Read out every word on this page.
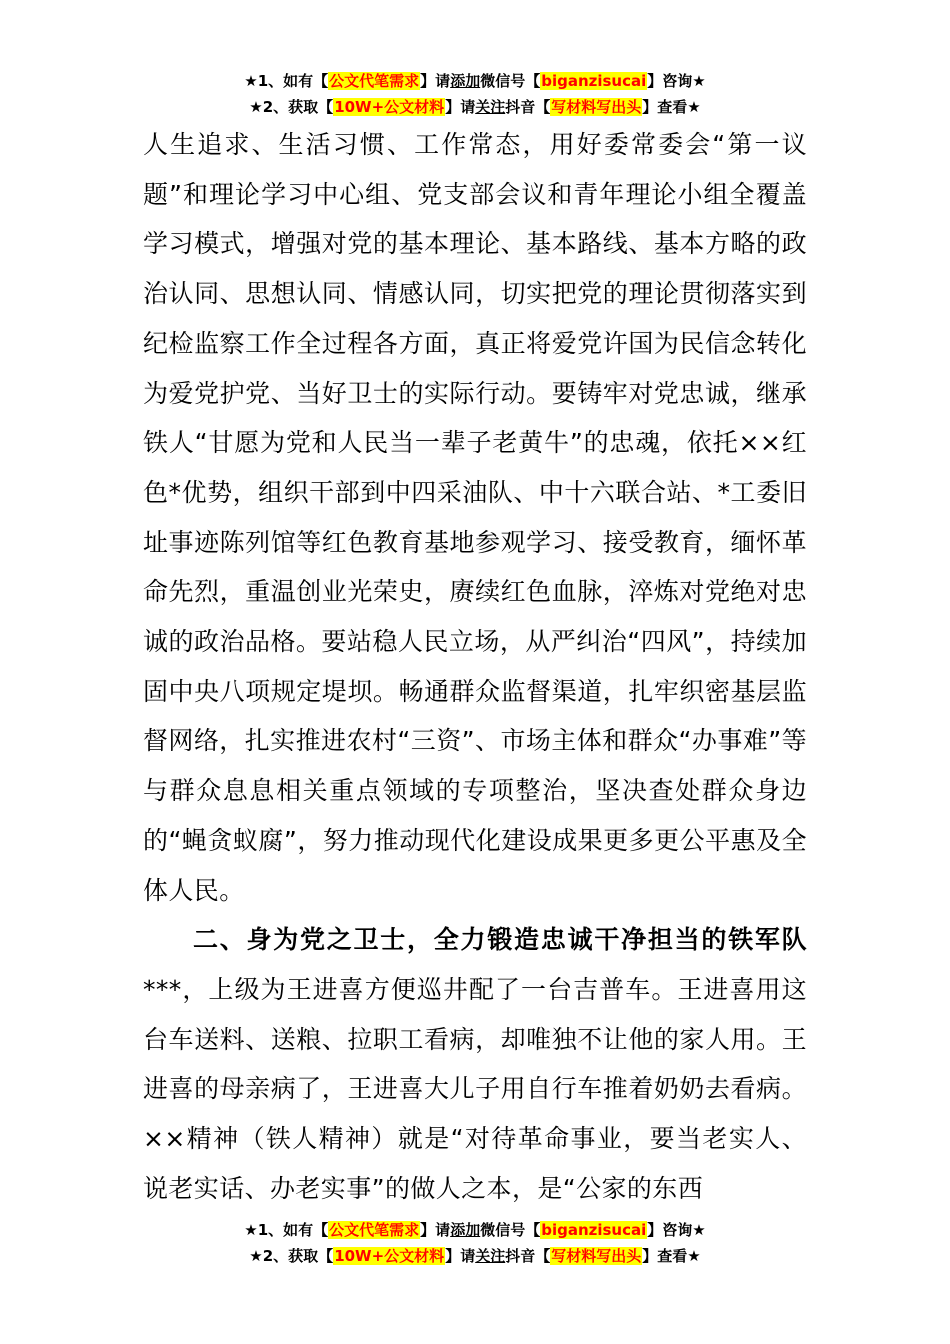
★1、如有【公文代笔需求】请添加微信号【biganzisucai】咨询★
★2、获取【10W+公文材料】请关注抖音【写材料写出头】查看★

人生追求、生活习惯、工作常态，用好委常委会“第一议题”和理论学习中心组、党支部会议和青年理论小组全覆盖学习模式，增强对党的基本理论、基本路线、基本方略的政治认同、思想认同、情感认同，切实把党的理论贯彻落实到纪检监察工作全过程各方面，真正将爱党许国为民信念转化为爱党护党、当好卫士的实际行动。要铸牢对党忠诚，继承铁人“甘愿为党和人民当一辈子老黄牛”的忠魂，依托××红色*优势，组织干部到中四采油队、中十六联合站、*工委旧址事迹陈列馆等红色教育基地参观学习、接受教育，缅怀革命先烈，重温创业光荣史，赓续红色血脉，淬炼对党绝对忠诚的政治品格。要站稳人民立场，从严纠治“四风”，持续加固中央八项规定堤坝。畅通群众监督渠道，扎牢织密基层监督网络，扎实推进农村“三资”、市场主体和群众“办事难”等与群众息息相关重点领域的专项整治，坚决查处群众身边的“蝇贪蚁腐”，努力推动现代化建设成果更多更公平惠及全体人民。

二、身为党之卫士，全力锻造忠诚干净担当的铁军队***，上级为王进喜方便巡井配了一台吉普车。王进喜用这台车送料、送粮、拉职工看病，却唯独不让他的家人用。王进喜的母亲病了，王进喜大儿子用自行车推着奶奶去看病。××精神（铁人精神）就是“对待革命事业，要当老实人、说老实话、办老实事”的做人之本，是“公家的东西

★1、如有【公文代笔需求】请添加微信号【biganzisucai】咨询★
★2、获取【10W+公文材料】请关注抖音【写材料写出头】查看★
